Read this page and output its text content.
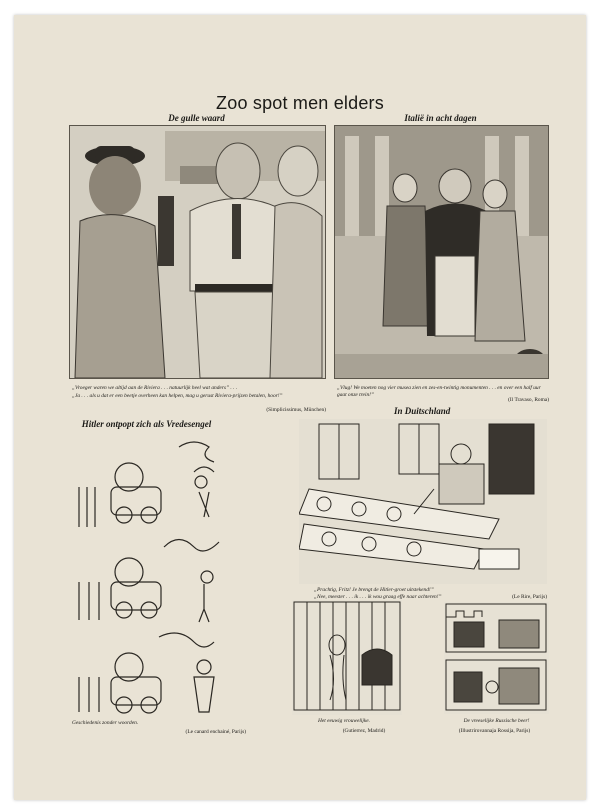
Zoo spot men elders
De gulle waard
„Vroeger waren we altijd aan de Riviera . . . natuurlijk heel wat anders” . . .
„Ja . . . als u dat er een beetje overheen kan helpen, mag u gerust Riviera-prijzen betalen, hoor!”
(Simplicissimus, München)
Italië in acht dagen
„Vlug! We moeten nog vier musea zien en zes-en-twintig monumenten . . . en over een half uur gaat onze trein!”
(Il Travaso, Roma)
Hitler ontpopt zich als Vredesengel
Geschiedenis zonder woorden.
(Le canard enchainé, Parijs)
In Duitschland
„Prachtig, Fritz! Je brengt de Hitler-groet uitstekend!”
„Nee, meester . . . ik . . . ik wou graag effe naar achteren!”	(Le Rire, Parijs)
Het eeuwig vrouwelijke.
(Gutierrez, Madrid)
De vreeselijke Russische beer!
(Illustrirovannaja Rossija, Parijs)
